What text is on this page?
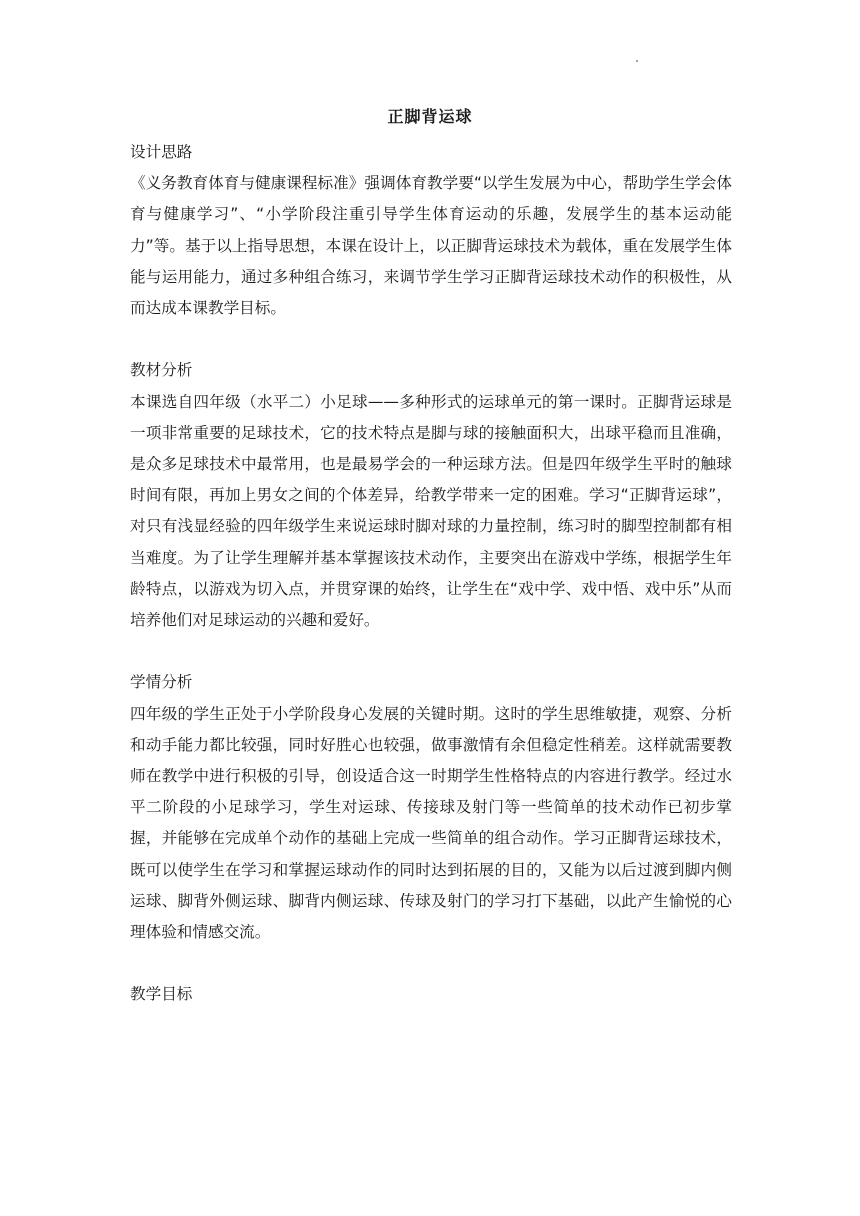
正脚背运球

设计思路

《义务教育体育与健康课程标准》强调体育教学要“以学生发展为中心，帮助学生学会体育与健康学习”、“小学阶段注重引导学生体育运动的乐趣，发展学生的基本运动能力”等。基于以上指导思想，本课在设计上，以正脚背运球技术为载体，重在发展学生体能与运用能力，通过多种组合练习，来调节学生学习正脚背运球技术动作的积极性，从而达成本课教学目标。

教材分析

本课选自四年级（水平二）小足球——多种形式的运球单元的第一课时。正脚背运球是一项非常重要的足球技术，它的技术特点是脚与球的接触面积大，出球平稳而且准确，是众多足球技术中最常用，也是最易学会的一种运球方法。但是四年级学生平时的触球时间有限，再加上男女之间的个体差异，给教学带来一定的困难。学习“正脚背运球”，对只有浅显经验的四年级学生来说运球时脚对球的力量控制，练习时的脚型控制都有相当难度。为了让学生理解并基本掌握该技术动作，主要突出在游戏中学练，根据学生年龄特点，以游戏为切入点，并贯穿课的始终，让学生在“戏中学、戏中悟、戏中乐”从而培养他们对足球运动的兴趣和爱好。

学情分析

四年级的学生正处于小学阶段身心发展的关键时期。这时的学生思维敏捷，观察、分析和动手能力都比较强，同时好胜心也较强，做事激情有余但稳定性稍差。这样就需要教师在教学中进行积极的引导，创设适合这一时期学生性格特点的内容进行教学。经过水平二阶段的小足球学习，学生对运球、传接球及射门等一些简单的技术动作已初步掌握，并能够在完成单个动作的基础上完成一些简单的组合动作。学习正脚背运球技术，既可以使学生在学习和掌握运球动作的同时达到拓展的目的，又能为以后过渡到脚内侧运球、脚背外侧运球、脚背内侧运球、传球及射门的学习打下基础，以此产生愉悦的心理体验和情感交流。

教学目标
